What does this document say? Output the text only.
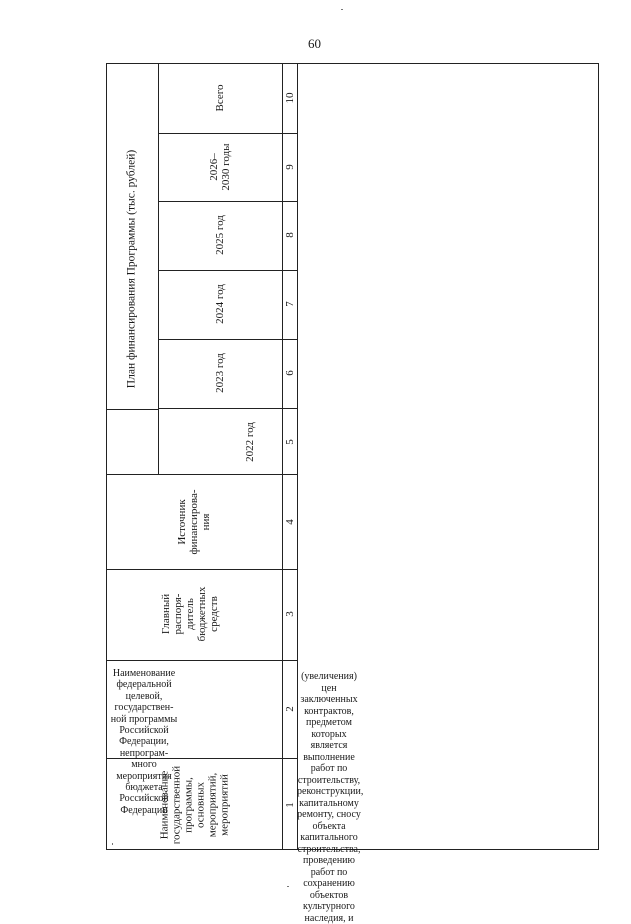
60
План финансирования Программы (тыс. рублей)
Всего
2026–
2030 годы
2025 год
2024 год
2023 год
2022 год
Источник
финансирова-
ния
Главный
распоря-
дитель
бюджетных
средств
Наименование
государственной
программы,
основных
мероприятий,
мероприятий
10
9
8
7
6
5
4
3
2
1
Наименование
федеральной
целевой,
государствен-
ной программы
Российской
Федерации,
непрограм-
много
мероприятия
бюджета
Российской
Федерации
(увеличения)
цен
заключенных
контрактов,
предметом
которых
является
выполнение
работ по
строительству,
реконструкции,
капитальному
ремонту, сносу
объекта
капитального
строительства,
проведению
работ по
сохранению
объектов
культурного
наследия, и
